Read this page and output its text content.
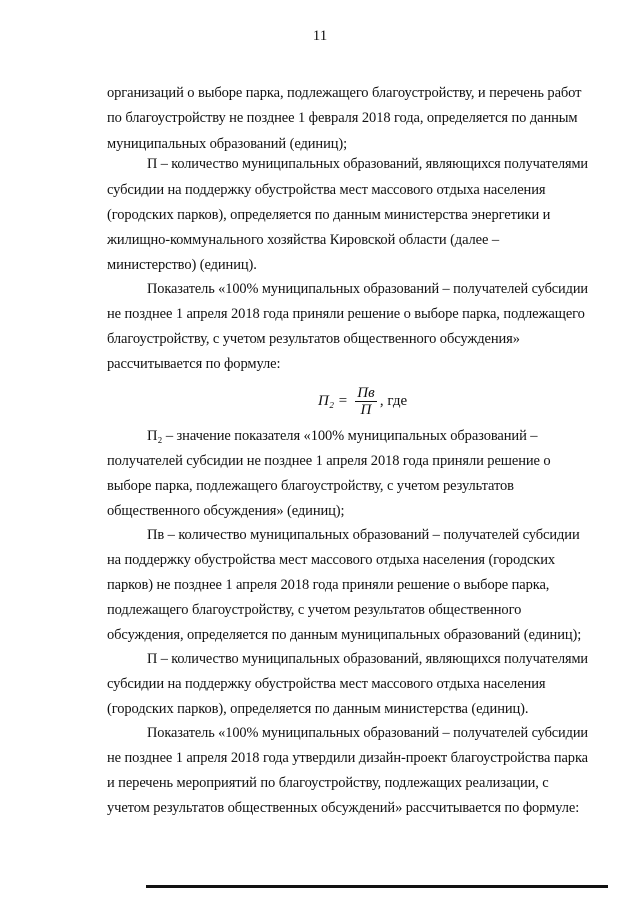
11
организаций о выборе парка, подлежащего благоустройству, и перечень работ
по благоустройству не позднее 1 февраля 2018 года, определяется по данным
муниципальных образований (единиц);
П – количество муниципальных образований, являющихся получателями
субсидии на поддержку обустройства мест массового отдыха населения
(городских парков), определяется по данным министерства энергетики и
жилищно-коммунального хозяйства Кировской области (далее –
министерство) (единиц).
Показатель «100% муниципальных образований – получателей субсидии
не позднее 1 апреля 2018 года приняли решение о выборе парка, подлежащего
благоустройству, с учетом результатов общественного обсуждения»
рассчитывается по формуле:
$П_2 = \frac{Пв}{П}$ , где
П₂ – значение показателя «100% муниципальных образований –
получателей субсидии не позднее 1 апреля 2018 года приняли решение о
выборе парка, подлежащего благоустройству, с учетом результатов
общественного обсуждения» (единиц);
Пв – количество муниципальных образований – получателей субсидии
на поддержку обустройства мест массового отдыха населения (городских
парков) не позднее 1 апреля 2018 года приняли решение о выборе парка,
подлежащего благоустройству, с учетом результатов общественного
обсуждения, определяется по данным муниципальных образований (единиц);
П – количество муниципальных образований, являющихся получателями
субсидии на поддержку обустройства мест массового отдыха населения
(городских парков), определяется по данным министерства (единиц).
Показатель «100% муниципальных образований – получателей субсидии
не позднее 1 апреля 2018 года утвердили дизайн-проект благоустройства парка
и перечень мероприятий по благоустройству, подлежащих реализации, с
учетом результатов общественных обсуждений» рассчитывается по формуле:
